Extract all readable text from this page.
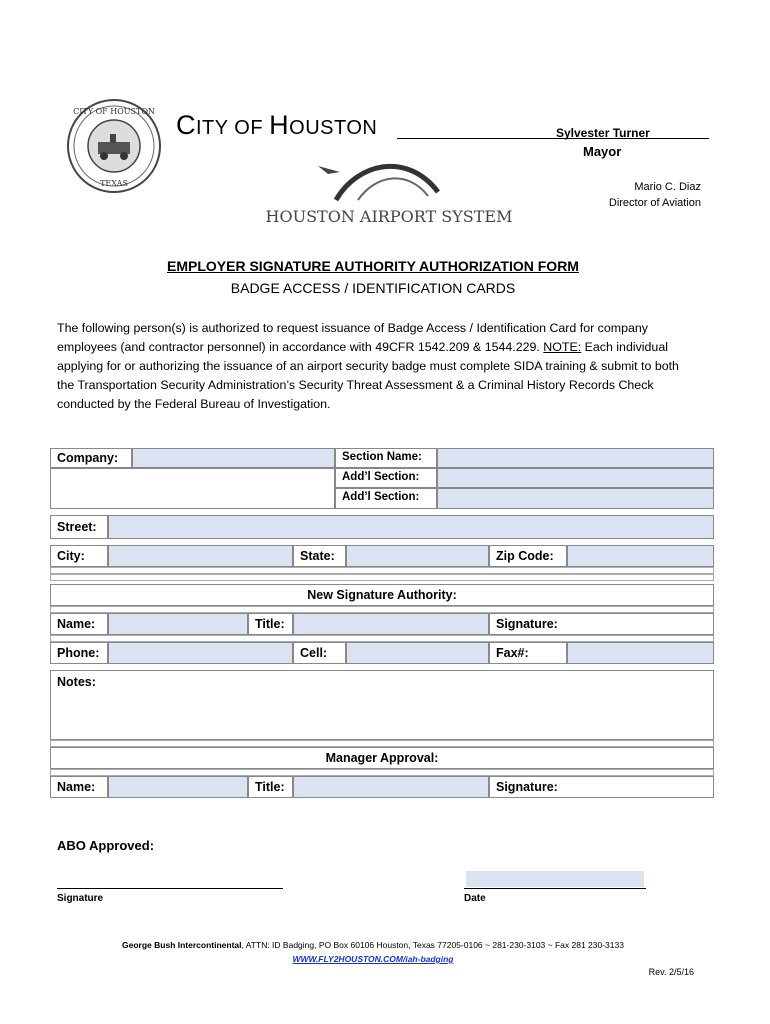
CITY OF HOUSTON
TEXAS
CITY OF HOUSTON	Sylvester Turner
Mayor
HOUSTON AIRPORT SYSTEM
Mario C. Diaz
Director of Aviation
EMPLOYER SIGNATURE AUTHORITY AUTHORIZATION FORM
BADGE ACCESS / IDENTIFICATION CARDS
The following person(s) is authorized to request issuance of Badge Access / Identification Card for company employees (and contractor personnel) in accordance with 49CFR 1542.209 & 1544.229. NOTE: Each individual applying for or authorizing the issuance of an airport security badge must complete SIDA training & submit to both the Transportation Security Administration’s Security Threat Assessment & a Criminal History Records Check conducted by the Federal Bureau of Investigation.
Company:	Section Name:
Add’l Section:
Add’l Section:
Street:
City:	State:	Zip Code:
New Signature Authority:
Name:	Title:	Signature:
Phone:	Cell:	Fax#:
Notes:
Manager Approval:
Name:	Title:	Signature:
ABO Approved:
Signature	Date
George Bush Intercontinental, ATTN: ID Badging, PO Box 60106 Houston, Texas 77205-0106 ~ 281-230-3103 ~ Fax 281 230-3133
WWW.FLY2HOUSTON.COM/iah-badging
Rev. 2/5/16
